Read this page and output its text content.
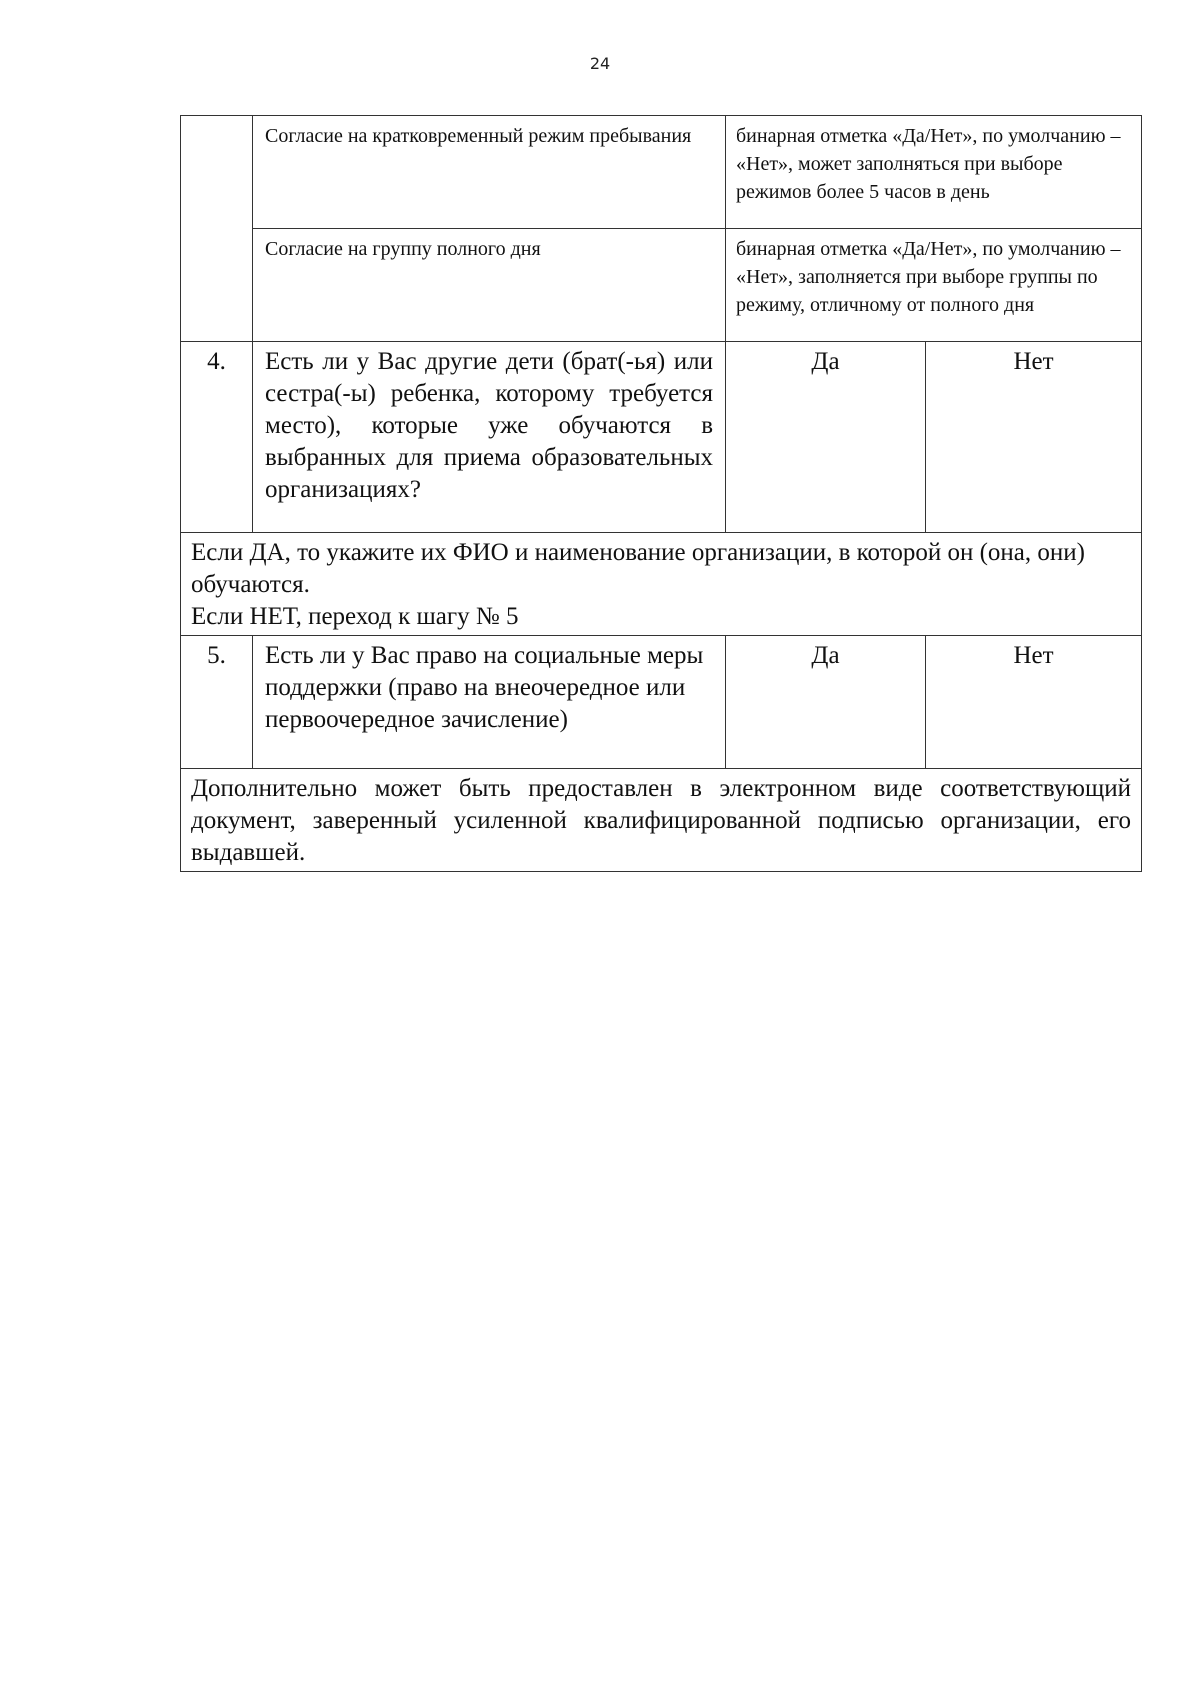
24
	Согласие на кратковременный режим пребывания	бинарная отметка «Да/Нет», по умолчанию – «Нет», может заполняться при выборе режимов более 5 часов в день	
	Согласие на группу полного дня	бинарная отметка «Да/Нет», по умолчанию – «Нет», заполняется при выборе группы по режиму, отличному от полного дня	
4.	Есть ли у Вас другие дети (брат(-ья) или сестра(-ы) ребенка, которому требуется место), которые уже обучаются в выбранных для приема образовательных организациях?	Да	Нет

Если ДА, то укажите их ФИО и наименование организации, в которой он (она, они) обучаются.
Если НЕТ, переход к шагу № 5			

5.	Есть ли у Вас право на социальные меры поддержки (право на внеочередное или первоочередное зачисление)	Да	Нет
Дополнительно может быть предоставлен в электронном виде соответствующий документ, заверенный усиленной квалифицированной подписью организации, его выдавшей.			
